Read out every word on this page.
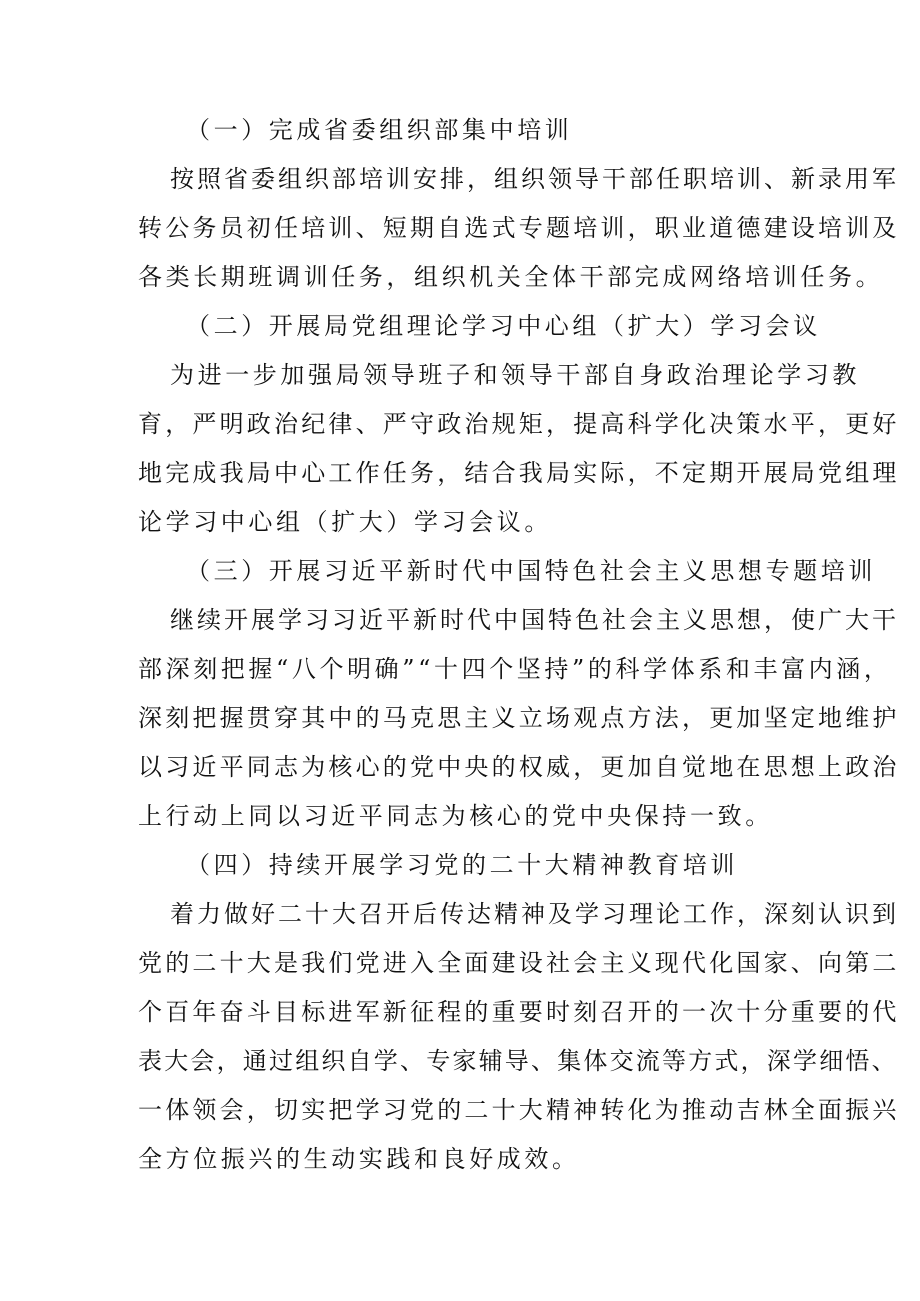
（一）完成省委组织部集中培训
按照省委组织部培训安排，组织领导干部任职培训、新录用军
转公务员初任培训、短期自选式专题培训，职业道德建设培训及
各类长期班调训任务，组织机关全体干部完成网络培训任务。
（二）开展局党组理论学习中心组（扩大）学习会议
为进一步加强局领导班子和领导干部自身政治理论学习教
育，严明政治纪律、严守政治规矩，提高科学化决策水平，更好
地完成我局中心工作任务，结合我局实际，不定期开展局党组理
论学习中心组（扩大）学习会议。
（三）开展习近平新时代中国特色社会主义思想专题培训
继续开展学习习近平新时代中国特色社会主义思想，使广大干
部深刻把握“八个明确”“十四个坚持”的科学体系和丰富内涵，
深刻把握贯穿其中的马克思主义立场观点方法，更加坚定地维护
以习近平同志为核心的党中央的权威，更加自觉地在思想上政治
上行动上同以习近平同志为核心的党中央保持一致。
（四）持续开展学习党的二十大精神教育培训
着力做好二十大召开后传达精神及学习理论工作，深刻认识到
党的二十大是我们党进入全面建设社会主义现代化国家、向第二
个百年奋斗目标进军新征程的重要时刻召开的一次十分重要的代
表大会，通过组织自学、专家辅导、集体交流等方式，深学细悟、
一体领会，切实把学习党的二十大精神转化为推动吉林全面振兴
全方位振兴的生动实践和良好成效。
